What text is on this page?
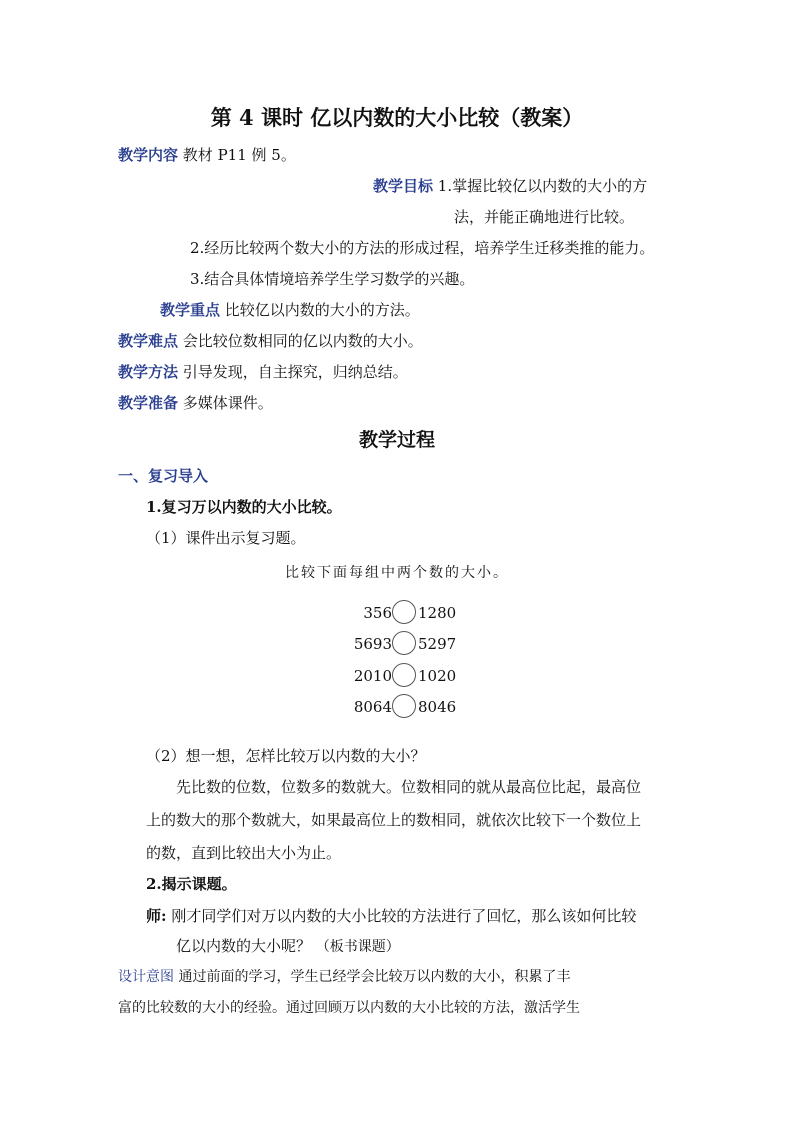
第 4 课时 亿以内数的大小比较（教案）
教学内容 教材 P11 例 5。
教学目标 1.掌握比较亿以内数的大小的方
法，并能正确地进行比较。
2.经历比较两个数大小的方法的形成过程，培养学生迁移类推的能力。
3.结合具体情境培养学生学习数学的兴趣。
教学重点 比较亿以内数的大小的方法。
教学难点 会比较位数相同的亿以内数的大小。
教学方法 引导发现，自主探究，归纳总结。
教学准备 多媒体课件。
教学过程
一、复习导入
1.复习万以内数的大小比较。
（1）课件出示复习题。
比较下面每组中两个数的大小。
356 1280
5693 5297
2010 1020
8064 8046
（2）想一想，怎样比较万以内数的大小？
先比数的位数，位数多的数就大。位数相同的就从最高位比起，最高位
上的数大的那个数就大，如果最高位上的数相同，就依次比较下一个数位上
的数，直到比较出大小为止。
2.揭示课题。
师: 刚才同学们对万以内数的大小比较的方法进行了回忆，那么该如何比较
亿以内数的大小呢？ （板书课题）
设计意图 通过前面的学习，学生已经学会比较万以内数的大小，积累了丰
富的比较数的大小的经验。通过回顾万以内数的大小比较的方法，激活学生
